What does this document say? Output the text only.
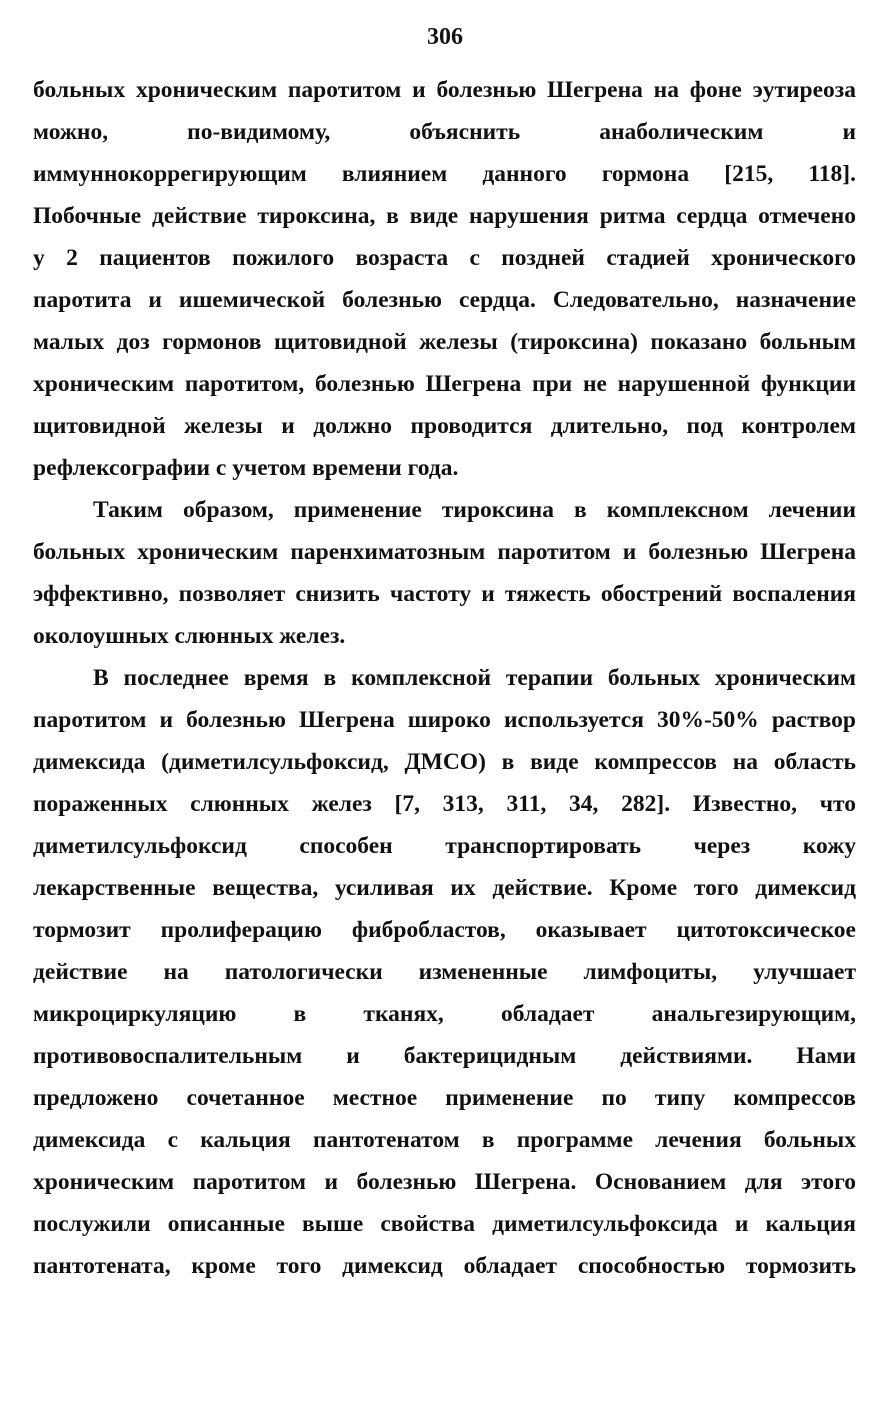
306
больных хроническим паротитом и болезнью Шегрена на фоне эутиреоза
можно, по-видимому, объяснить анаболическим и
иммуннокоррегирующим влиянием данного гормона [215, 118].
Побочные действие тироксина, в виде нарушения ритма сердца отмечено
у 2 пациентов пожилого возраста с поздней стадией хронического
паротита и ишемической болезнью сердца. Следовательно, назначение
малых доз гормонов щитовидной железы (тироксина) показано больным
хроническим паротитом, болезнью Шегрена при не нарушенной функции
щитовидной железы и должно проводится длительно, под контролем
рефлексографии с учетом времени года.
Таким образом, применение тироксина в комплексном лечении
больных хроническим паренхиматозным паротитом и болезнью Шегрена
эффективно, позволяет снизить частоту и тяжесть обострений воспаления
околоушных слюнных желез.
В последнее время в комплексной терапии больных хроническим
паротитом и болезнью Шегрена широко используется 30%-50% раствор
димексида (диметилсульфоксид, ДМСО) в виде компрессов на область
пораженных слюнных желез [7, 313, 311, 34, 282]. Известно, что
диметилсульфоксид способен транспортировать через кожу
лекарственные вещества, усиливая их действие. Кроме того димексид
тормозит пролиферацию фибробластов, оказывает цитотоксическое
действие на патологически измененные лимфоциты, улучшает
микроциркуляцию в тканях, обладает анальгезирующим,
противовоспалительным и бактерицидным действиями. Нами
предложено сочетанное местное применение по типу компрессов
димексида с кальция пантотенатом в программе лечения больных
хроническим паротитом и болезнью Шегрена. Основанием для этого
послужили описанные выше свойства диметилсульфоксида и кальция
пантотената, кроме того димексид обладает способностью тормозить
